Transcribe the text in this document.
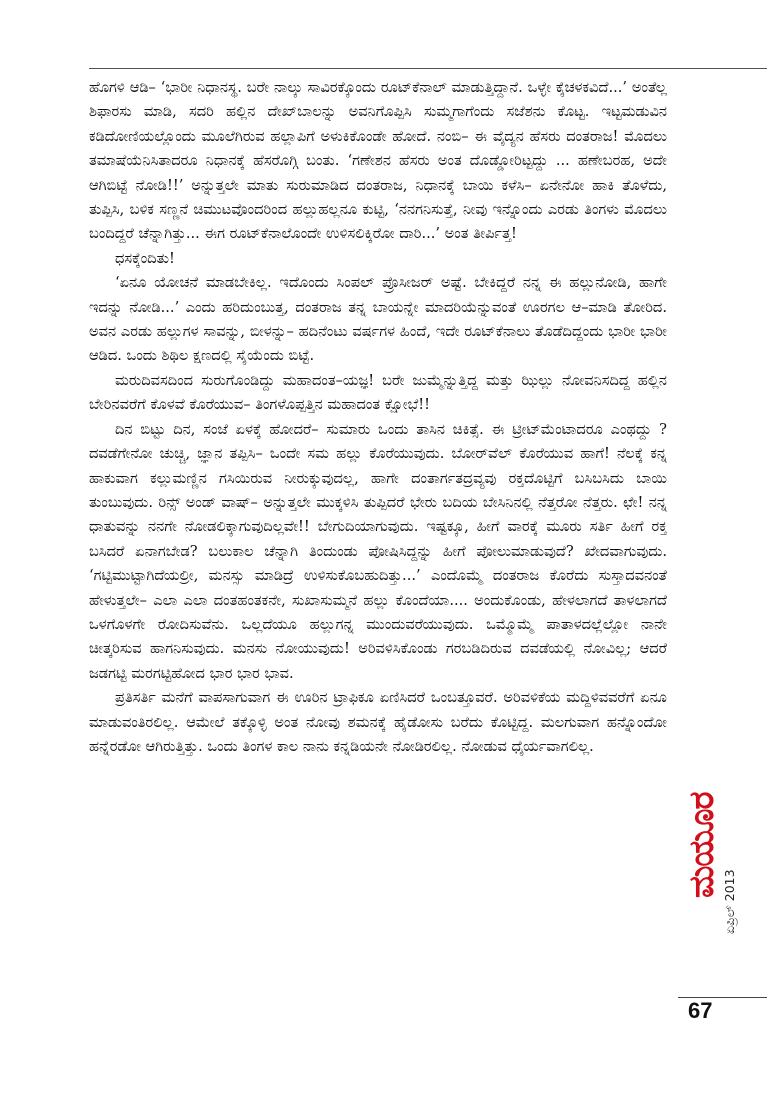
ಹೊಗಳಿ ಆಡಿ– ‘ಭಾರೀ ನಿಧಾನಸ್ಥ. ಬರೇ ನಾಲ್ಕು ಸಾವಿರಕ್ಕೊಂದು ರೂಟ್‌ಕೆನಾಲ್ ಮಾಡುತ್ತಿದ್ದಾನೆ. ಒಳ್ಳೇ ಕೈಚಳಕವಿದೆ...’ ಅಂತೆಲ್ಲ ಶಿಫಾರಸು ಮಾಡಿ, ಸದರಿ ಹಲ್ಲಿನ ದೇಖ್‌ಬಾಲನ್ನು ಅವನಿಗೊಪ್ಪಿಸಿ ಸುಮ್ಮಗಾಗೆಂದು ಸಜೆಶನು ಕೊಟ್ಟ. ಇಟ್ಟಮಡುವಿನ ಕಡಿದೋಣಿಯಲ್ಲೊಂದು ಮೂಲೆಗಿರುವ ಹಲ್ಲಾಪಿಗೆ ಅಳುಕಿಕೊಂಡೇ ಹೋದೆ. ನಂಬಿ– ಈ ವೈದ್ಯನ ಹೆಸರು ದಂತರಾಜ! ಮೊದಲು ತಮಾಷೆಯೆನಿಸಿತಾದರೂ ನಿಧಾನಕ್ಕೆ ಹೆಸರೊಗ್ಗಿ ಬಂತು. ‘ಗಣೇಶನ ಹೆಸರು ಅಂತ ದೊಡ್ಡೋರಿಟ್ಟದ್ದು ... ಹಣೇಬರಹ, ಅದೇ ಆಗಿಬಿಟ್ಟೆ ನೋಡಿ!!’ ಅನ್ನುತ್ತಲೇ ಮಾತು ಸುರುಮಾಡಿದ ದಂತರಾಜ, ನಿಧಾನಕ್ಕೆ ಬಾಯಿ ಕಳೆಸಿ– ಏನೇನೋ ಹಾಕಿ ತೊಳೆದು, ತುಪ್ಪಿಸಿ, ಬಳಿಕ ಸಣ್ಣನೆ ಚಿಮುಟವೊಂದರಿಂದ ಹಲ್ಲುಹಲ್ಲನೂ ಕುಟ್ಟಿ, ‘ನನಗನಿಸುತ್ತೆ, ನೀವು ಇನ್ನೊಂದು ಎರಡು ತಿಂಗಳು ಮೊದಲು ಬಂದಿದ್ದರೆ ಚೆನ್ನಾಗಿತ್ತು... ಈಗ ರೂಟ್‌ಕೆನಾಲೊಂದೇ ಉಳಿಸಲಿಕ್ಕಿರೋ ದಾರಿ...’ ಅಂತ ತೀರ್ಪಿತ್ತ!

ಧಸಕ್ಕೆಂದಿತು!

‘ಏನೂ ಯೋಚನೆ ಮಾಡಬೇಕಿಲ್ಲ. ಇದೊಂದು ಸಿಂಪಲ್ ಪ್ರೊಸೀಜರ್ ಅಷ್ಟೆ. ಬೇಕಿದ್ದರೆ ನನ್ನ ಈ ಹಲ್ಲುನೋಡಿ, ಹಾಗೇ ಇದನ್ನು ನೋಡಿ...’ ಎಂದು ಹರಿದುಂಬುತ್ತ, ದಂತರಾಜ ತನ್ನ ಬಾಯನ್ನೇ ಮಾದರಿಯೆನ್ನುವಂತೆ ಊರಗಲ ಆ–ಮಾಡಿ ತೋರಿದ. ಅವನ ಎರಡು ಹಲ್ಲುಗಳ ಸಾವನ್ನು, ಬೀಳನ್ನು– ಹದಿನೆಂಟು ವರ್ಷಗಳ ಹಿಂದೆ, ಇದೇ ರೂಟ್‌ಕೆನಾಲು ತೊಡೆದಿದ್ದಂದು ಭಾರೀ ಭಾರೀ ಆಡಿದ. ಒಂದು ಶಿಥಿಲ ಕ್ಷಣದಲ್ಲಿ ಸೈಯೆಂದು ಬಿಟ್ಟೆ.

ಮರುದಿವಸದಿಂದ ಸುರುಗೊಂಡಿದ್ದು ಮಹಾದಂತ–ಯಜ್ಞ! ಬರೇ ಜುಮ್ಮೆನ್ನುತ್ತಿದ್ದ ಮತ್ತು ಝಿಲ್ಲು ನೋವನಿಸದಿದ್ದ ಹಲ್ಲಿನ ಬೇರಿನವರೆಗೆ ಕೊಳವೆ ಕೊರೆಯುವ– ತಿಂಗಳೊಪ್ಪತ್ತಿನ ಮಹಾದಂತ ಕ್ಷೋಭೆ!!

ದಿನ ಬಿಟ್ಟು ದಿನ, ಸಂಜೆ ಏಳಕ್ಕೆ ಹೋದರೆ– ಸುಮಾರು ಒಂದು ತಾಸಿನ ಚಿಕಿತ್ಸೆ. ಈ ಟ್ರೀಟ್‌ಮೆಂಟಾದರೂ ಎಂಥದ್ದು ? ದವಡೆಗೇನೋ ಚುಚ್ಚಿ, ಜ್ಞಾನ ತಪ್ಪಿಸಿ– ಒಂದೇ ಸಮ ಹಲ್ಲು ಕೊರೆಯುವುದು. ಬೋರ್‌ವೆಲ್ ಕೊರೆಯುವ ಹಾಗೆ! ನೆಲಕ್ಕೆ ಕನ್ನ ಹಾಕುವಾಗ ಕಲ್ಲುಮಣ್ಣಿನ ಗಸಿಯಿರುವ ನೀರುಕ್ಕುವುದಲ್ಲ, ಹಾಗೇ ದಂತಾರ್ಗತದ್ರವ್ಯವು ರಕ್ತದೊಟ್ಟಿಗೆ ಬಸಿಬಸಿದು ಬಾಯಿ ತುಂಬುವುದು. ರಿನ್ಸ್ ಅಂಡ್ ವಾಷ್– ಅನ್ನುತ್ತಲೇ ಮುಕ್ಕಳಿಸಿ ತುಪ್ಪಿದರೆ ಭೇರು ಬದಿಯ ಬೇಸಿನಿನಲ್ಲಿ ನೆತ್ತರೋ ನೆತ್ತರು. ಛೇ! ನನ್ನ ಧಾತುವನ್ನು ನನಗೇ ನೋಡಲಿಕ್ಕಾಗುವುದಿಲ್ಲವೇ!! ಬೇಗುದಿಯಾಗುವುದು. ಇಷ್ಟಕ್ಕೂ, ಹೀಗೆ ವಾರಕ್ಕೆ ಮೂರು ಸರ್ತಿ ಹೀಗೆ ರಕ್ತ ಬಸಿದರೆ ಏನಾಗಬೇಡ? ಬಲುಕಾಲ ಚೆನ್ನಾಗಿ ತಿಂದುಂಡು ಪೋಷಿಸಿದ್ದನ್ನು ಹೀಗೆ ಪೋಲುಮಾಡುವುದೆ? ಖೇದವಾಗುವುದು. ‘ಗಟ್ಟಿಮುಟ್ಟಾಗಿದೆಯಲ್ರೀ, ಮನಸ್ಸು ಮಾಡಿದ್ರೆ ಉಳಿಸುಕೊಬಹುದಿತ್ತು...’ ಎಂದೊಮ್ಮೆ ದಂತರಾಜ ಕೊರೆದು ಸುಸ್ತಾದವನಂತೆ ಹೇಳುತ್ತಲೇ– ಎಲಾ ಎಲಾ ದಂತಹಂತಕನೇ, ಸುಖಾಸುಮ್ಮನೆ ಹಲ್ಲು ಕೊಂದೆಯಾ.... ಅಂದುಕೊಂಡು, ಹೇಳಲಾಗದೆ ತಾಳಲಾಗದೆ ಒಳಗೊಳಗೇ ರೋದಿಸುವೆನು. ಒಲ್ಲದೆಯೂ ಹಲ್ಲುಗನ್ನ ಮುಂದುವರೆಯುವುದು. ಒಮ್ಮೊಮ್ಮೆ ಪಾತಾಳದಲ್ಲೆಲ್ಲೋ ನಾನೇ ಚೀತ್ಕರಿಸುವ ಹಾಗನಿಸುವುದು. ಮನಸು ನೋಯುವುದು! ಅರಿವಳಿಸಿಕೊಂಡು ಗರಬಡಿದಿರುವ ದವಡೆಯಲ್ಲಿ ನೋವಿಲ್ಲ; ಆದರೆ ಜಡಗಟ್ಟಿ ಮರಗಟ್ಟಿಹೋದ ಭಾರ ಭಾರ ಭಾವ.

ಪ್ರತಿಸರ್ತಿ ಮನೆಗೆ ವಾಪಸಾಗುವಾಗ ಈ ಊರಿನ ಟ್ರಾಫಿಕೂ ಏಣಿಸಿದರೆ ಒಂಬತ್ತೂವರೆ. ಅರಿವಳಿಕೆಯ ಮದ್ದಿಳಿವವರೆಗೆ ಏನೂ ಮಾಡುವಂತಿರಲಿಲ್ಲ. ಆಮೇಲೆ ತಕ್ಕೊಳ್ಳಿ ಅಂತ ನೋವು ಶಮನಕ್ಕೆ ಹೈಡೋಸು ಬರೆದು ಕೊಟ್ಟಿದ್ದ. ಮಲಗುವಾಗ ಹನ್ನೊಂದೋ ಹನ್ನೆರಡೋ ಆಗಿರುತ್ತಿತ್ತು. ಒಂದು ತಿಂಗಳ ಕಾಲ ನಾನು ಕನ್ನಡಿಯನೇ ನೋಡಿರಲಿಲ್ಲ. ನೋಡುವ ಧೈರ್ಯವಾಗಲಿಲ್ಲ.

ಮಯೂರ
ಏಪ್ರಿಲ್ 2013
67
